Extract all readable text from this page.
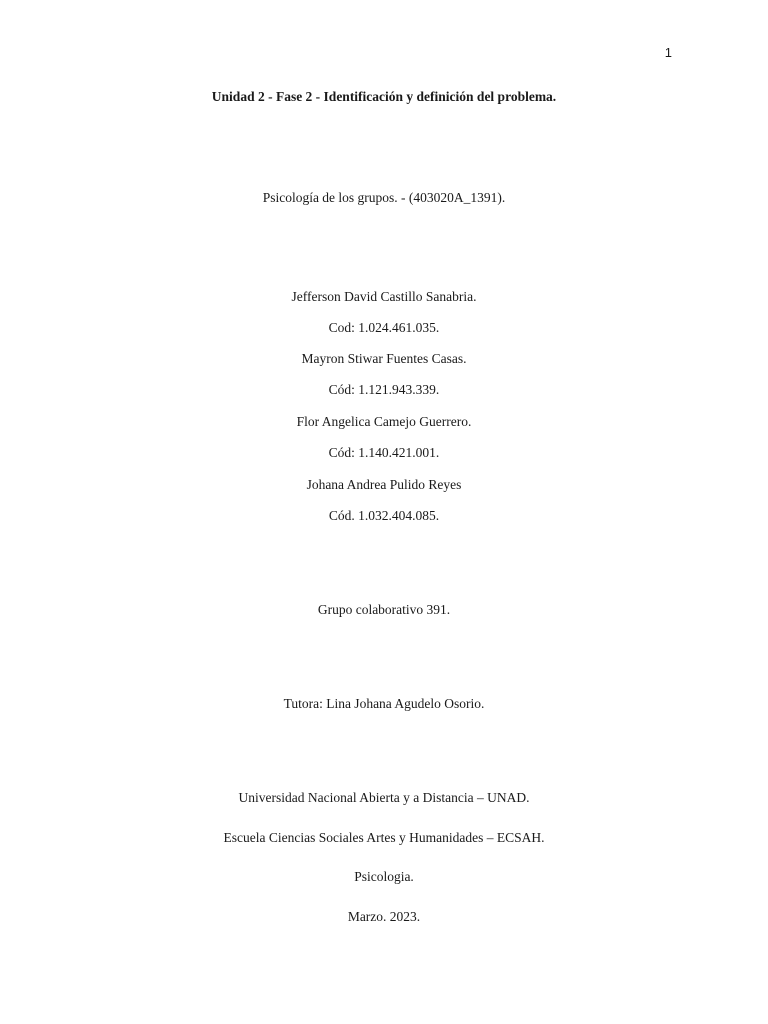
1
Unidad 2 - Fase 2 - Identificación y definición del problema.
Psicología de los grupos. - (403020A_1391).
Jefferson David Castillo Sanabria.
Cod: 1.024.461.035.
Mayron Stiwar Fuentes Casas.
Cód: 1.121.943.339.
Flor Angelica Camejo Guerrero.
Cód: 1.140.421.001.
Johana Andrea Pulido Reyes
Cód. 1.032.404.085.
Grupo colaborativo 391.
Tutora: Lina Johana Agudelo Osorio.
Universidad Nacional Abierta y a Distancia – UNAD.
Escuela Ciencias Sociales Artes y Humanidades – ECSAH.
Psicologia.
Marzo. 2023.
